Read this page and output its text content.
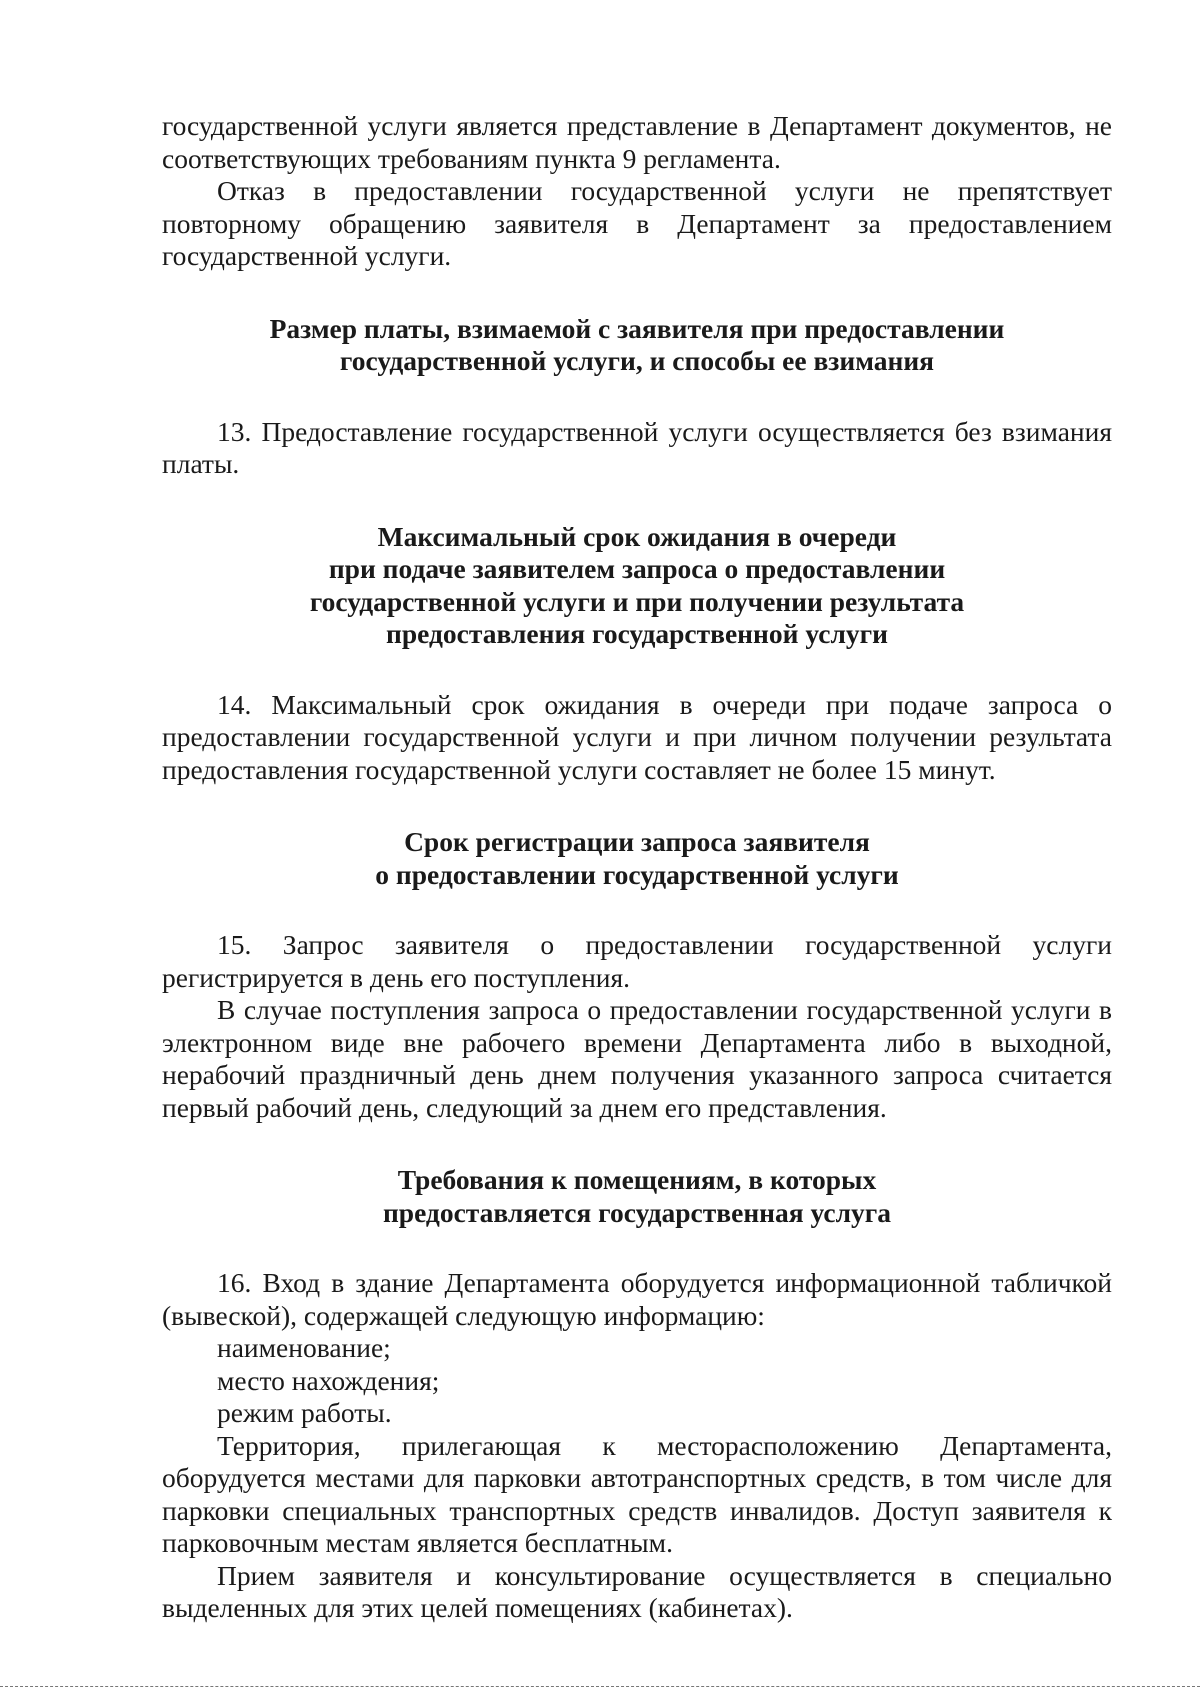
государственной услуги является представление в Департамент документов, не соответствующих требованиям пункта 9 регламента.

Отказ в предоставлении государственной услуги не препятствует повторному обращению заявителя в Департамент за предоставлением государственной услуги.

Размер платы, взимаемой с заявителя при предоставлении

государственной услуги, и способы ее взимания

13. Предоставление государственной услуги осуществляется без взимания платы.

Максимальный срок ожидания в очереди

при подаче заявителем запроса о предоставлении

государственной услуги и при получении результата

предоставления государственной услуги

14. Максимальный срок ожидания в очереди при подаче запроса о предоставлении государственной услуги и при личном получении результата предоставления государственной услуги составляет не более 15 минут.

Срок регистрации запроса заявителя

о предоставлении государственной услуги

15. Запрос заявителя о предоставлении государственной услуги регистрируется в день его поступления.

В случае поступления запроса о предоставлении государственной услуги в электронном виде вне рабочего времени Департамента либо в выходной, нерабочий праздничный день днем получения указанного запроса считается первый рабочий день, следующий за днем его представления.

Требования к помещениям, в которых

предоставляется государственная услуга

16. Вход в здание Департамента оборудуется информационной табличкой (вывеской), содержащей следующую информацию:

наименование;

место нахождения;

режим работы.

Территория, прилегающая к месторасположению Департамента, оборудуется местами для парковки автотранспортных средств, в том числе для парковки специальных транспортных средств инвалидов. Доступ заявителя к парковочным местам является бесплатным.

Прием заявителя и консультирование осуществляется в специально выделенных для этих целей помещениях (кабинетах).
